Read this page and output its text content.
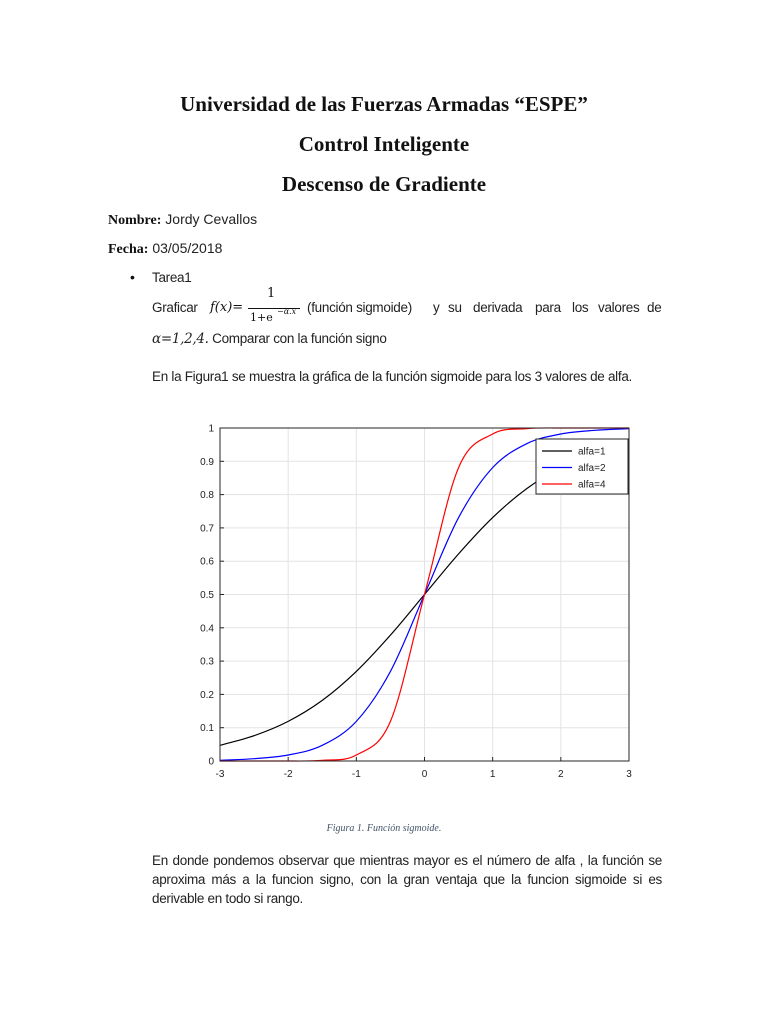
Universidad de las Fuerzas Armadas “ESPE”
Control Inteligente
Descenso de Gradiente
Nombre: Jordy Cevallos
Fecha: 03/05/2018
• Tarea1
Graficar	(función sigmoide) y su derivada para los valores de
f(x)=
1
1+e −α.x
α=1,2,4. Comparar con la función signo
En la Figura1 se muestra la gráfica de la función sigmoide para los 3 valores de alfa.
-3	-2	-1	0	1	2	3
0
0.1
0.2
0.3
0.4
0.5
0.6
0.7
0.8
0.9
1
alfa=1
alfa=2
alfa=4
Figura 1. Función sigmoide.
En donde pondemos observar que mientras mayor es el número de alfa , la función se aproxima más a la funcion signo, con la gran ventaja que la funcion sigmoide si es derivable en todo si rango.
